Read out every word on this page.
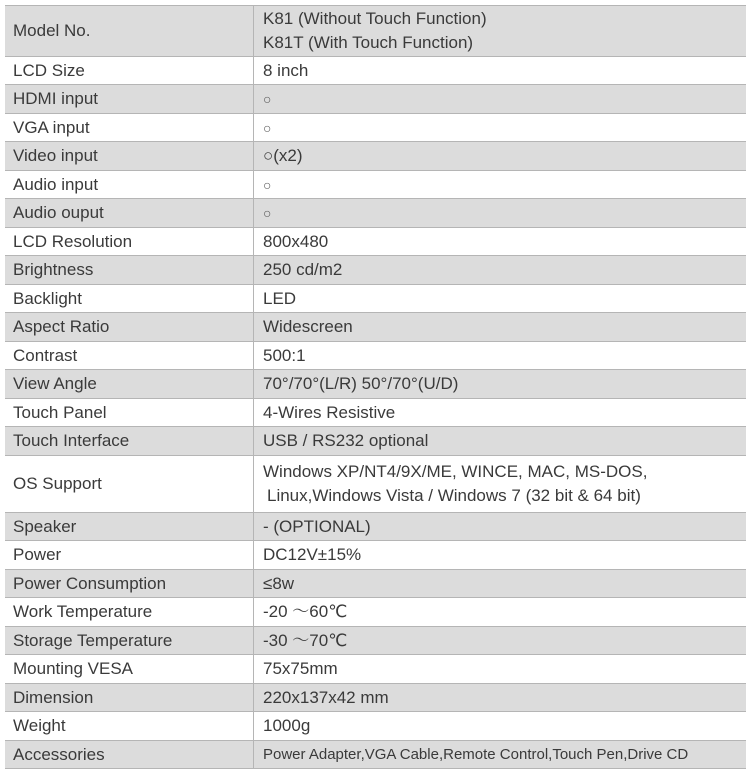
Model No.	K81 (Without Touch Function)
K81T (With Touch Function)

LCD Size	8 inch
HDMI input	○
VGA input	○
Video input	○(x2)
Audio input	○
Audio ouput	○
LCD Resolution	800x480
Brightness	250 cd/m2
Backlight	LED
Aspect Ratio	Widescreen
Contrast	500:1
View Angle	70°/70°(L/R) 50°/70°(U/D)
Touch Panel	4-Wires Resistive
Touch Interface	USB / RS232 optional
OS Support	Windows XP/NT4/9X/ME, WINCE, MAC, MS-DOS,
Linux,Windows Vista / Windows 7 (32 bit & 64 bit)

Speaker	- (OPTIONAL)
Power	DC12V±15%
Power Consumption	≤8w
Work Temperature	-20 ～60℃
Storage Temperature	-30 ～70℃
Mounting VESA	75x75mm
Dimension	220x137x42 mm
Weight	1000g
Accessories	Power Adapter,VGA Cable,Remote Control,Touch Pen,Drive CD
